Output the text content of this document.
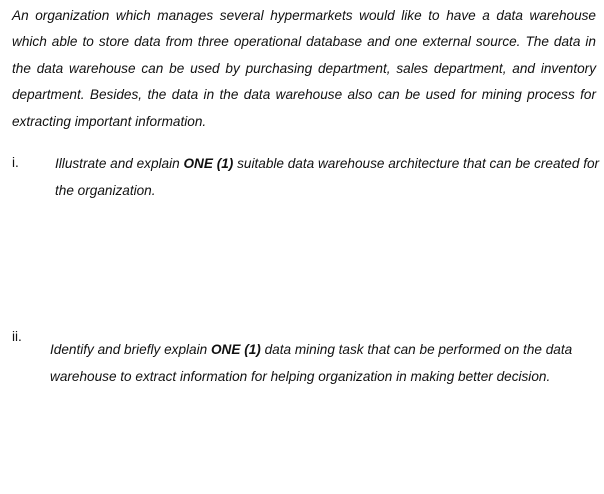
An organization which manages several hypermarkets would like to have a data warehouse which able to store data from three operational database and one external source. The data in the data warehouse can be used by purchasing department, sales department, and inventory department. Besides, the data in the data warehouse also can be used for mining process for extracting important information.

i.	Illustrate and explain ONE (1) suitable data warehouse architecture that can be created for the organization.

ii.

Identify and briefly explain ONE (1) data mining task that can be performed on the data warehouse to extract information for helping organization in making better decision.
